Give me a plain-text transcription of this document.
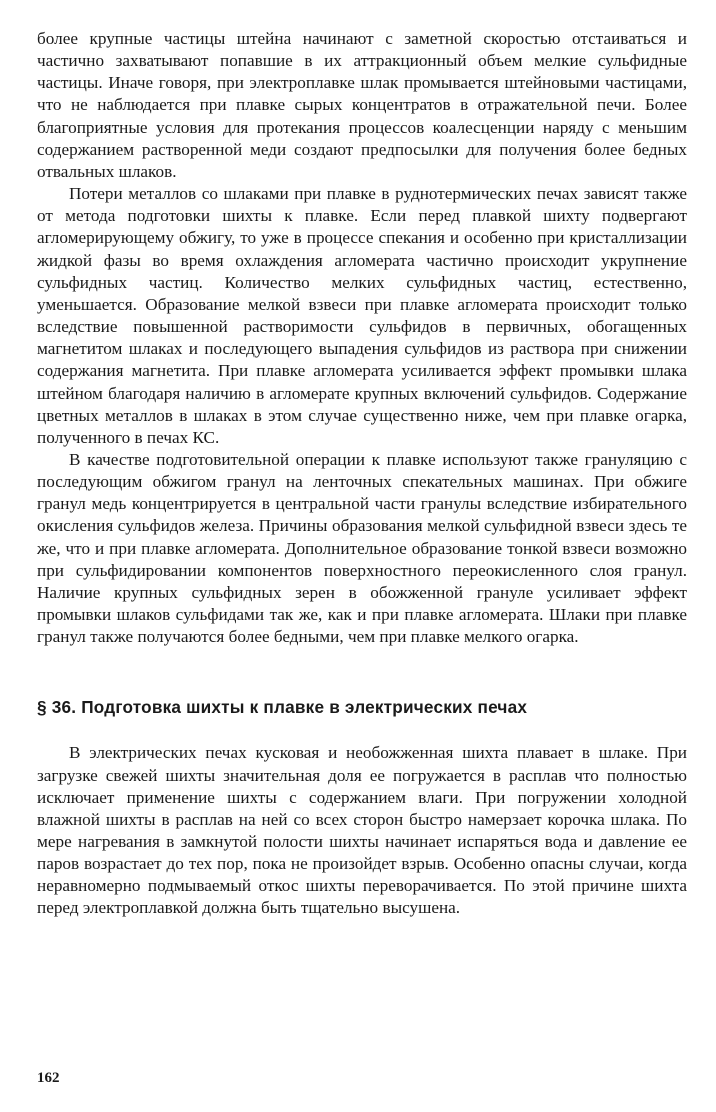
более крупные частицы штейна начинают с заметной скоростью отстаиваться и частично захватывают попавшие в их аттракционный объем мелкие сульфидные частицы. Иначе говоря, при электроплавке шлак промывается штейновыми частицами, что не наблюдается при плавке сырых концентратов в отражательной печи. Более благоприятные условия для протекания процессов коалесценции наряду с меньшим содержанием растворенной меди создают предпосылки для получения более бедных отвальных шлаков.

Потери металлов со шлаками при плавке в руднотермических печах зависят также от метода подготовки шихты к плавке. Если перед плавкой шихту подвергают агломерирующему обжигу, то уже в процессе спекания и особенно при кристаллизации жидкой фазы во время охлаждения агломерата частично происходит укрупнение сульфидных частиц. Количество мелких сульфидных частиц, естественно, уменьшается. Образование мелкой взвеси при плавке агломерата происходит только вследствие повышенной растворимости сульфидов в первичных, обогащенных магнетитом шлаках и последующего выпадения сульфидов из раствора при снижении содержания магнетита. При плавке агломерата усиливается эффект промывки шлака штейном благодаря наличию в агломерате крупных включений сульфидов. Содержание цветных металлов в шлаках в этом случае существенно ниже, чем при плавке огарка, полученного в печах КС.

В качестве подготовительной операции к плавке используют также грануляцию с последующим обжигом гранул на ленточных спекательных машинах. При обжиге гранул медь концентрируется в центральной части гранулы вследствие избирательного окисления сульфидов железа. Причины образования мелкой сульфидной взвеси здесь те же, что и при плавке агломерата. Дополнительное образование тонкой взвеси возможно при сульфидировании компонентов поверхностного переокисленного слоя гранул. Наличие крупных сульфидных зерен в обожженной грануле усиливает эффект промывки шлаков сульфидами так же, как и при плавке агломерата. Шлаки при плавке гранул также получаются более бедными, чем при плавке мелкого огарка.

§ 36. Подготовка шихты к плавке в электрических печах

В электрических печах кусковая и необожженная шихта плавает в шлаке. При загрузке свежей шихты значительная доля ее погружается в расплав что полностью исключает применение шихты с содержанием влаги. При погружении холодной влажной шихты в расплав на ней со всех сторон быстро намерзает корочка шлака. По мере нагревания в замкнутой полости шихты начинает испаряться вода и давление ее паров возрастает до тех пор, пока не произойдет взрыв. Особенно опасны случаи, когда неравномерно подмываемый откос шихты переворачивается. По этой причине шихта перед электроплавкой должна быть тщательно высушена.

162
